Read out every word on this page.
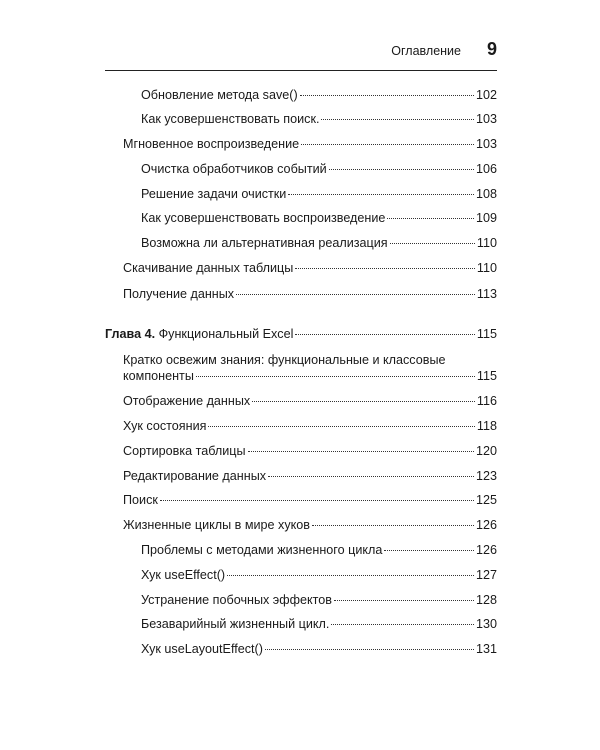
Оглавление 9
Обновление метода save()	102
Как усовершенствовать поиск.	103
Мгновенное воспроизведение	103
Очистка обработчиков событий	106
Решение задачи очистки	108
Как усовершенствовать воспроизведение	109
Возможна ли альтернативная реализация	110
Скачивание данных таблицы	110
Получение данных	113
Глава 4. Функциональный Excel	115
Кратко освежим знания: функциональные и классовые
компоненты	115
Отображение данных	116
Хук состояния	118
Сортировка таблицы	120
Редактирование данных	123
Поиск	125
Жизненные циклы в мире хуков	126
Проблемы с методами жизненного цикла	126
Хук useEffect()	127
Устранение побочных эффектов	128
Безаварийный жизненный цикл.	130
Хук useLayoutEffect()	131
